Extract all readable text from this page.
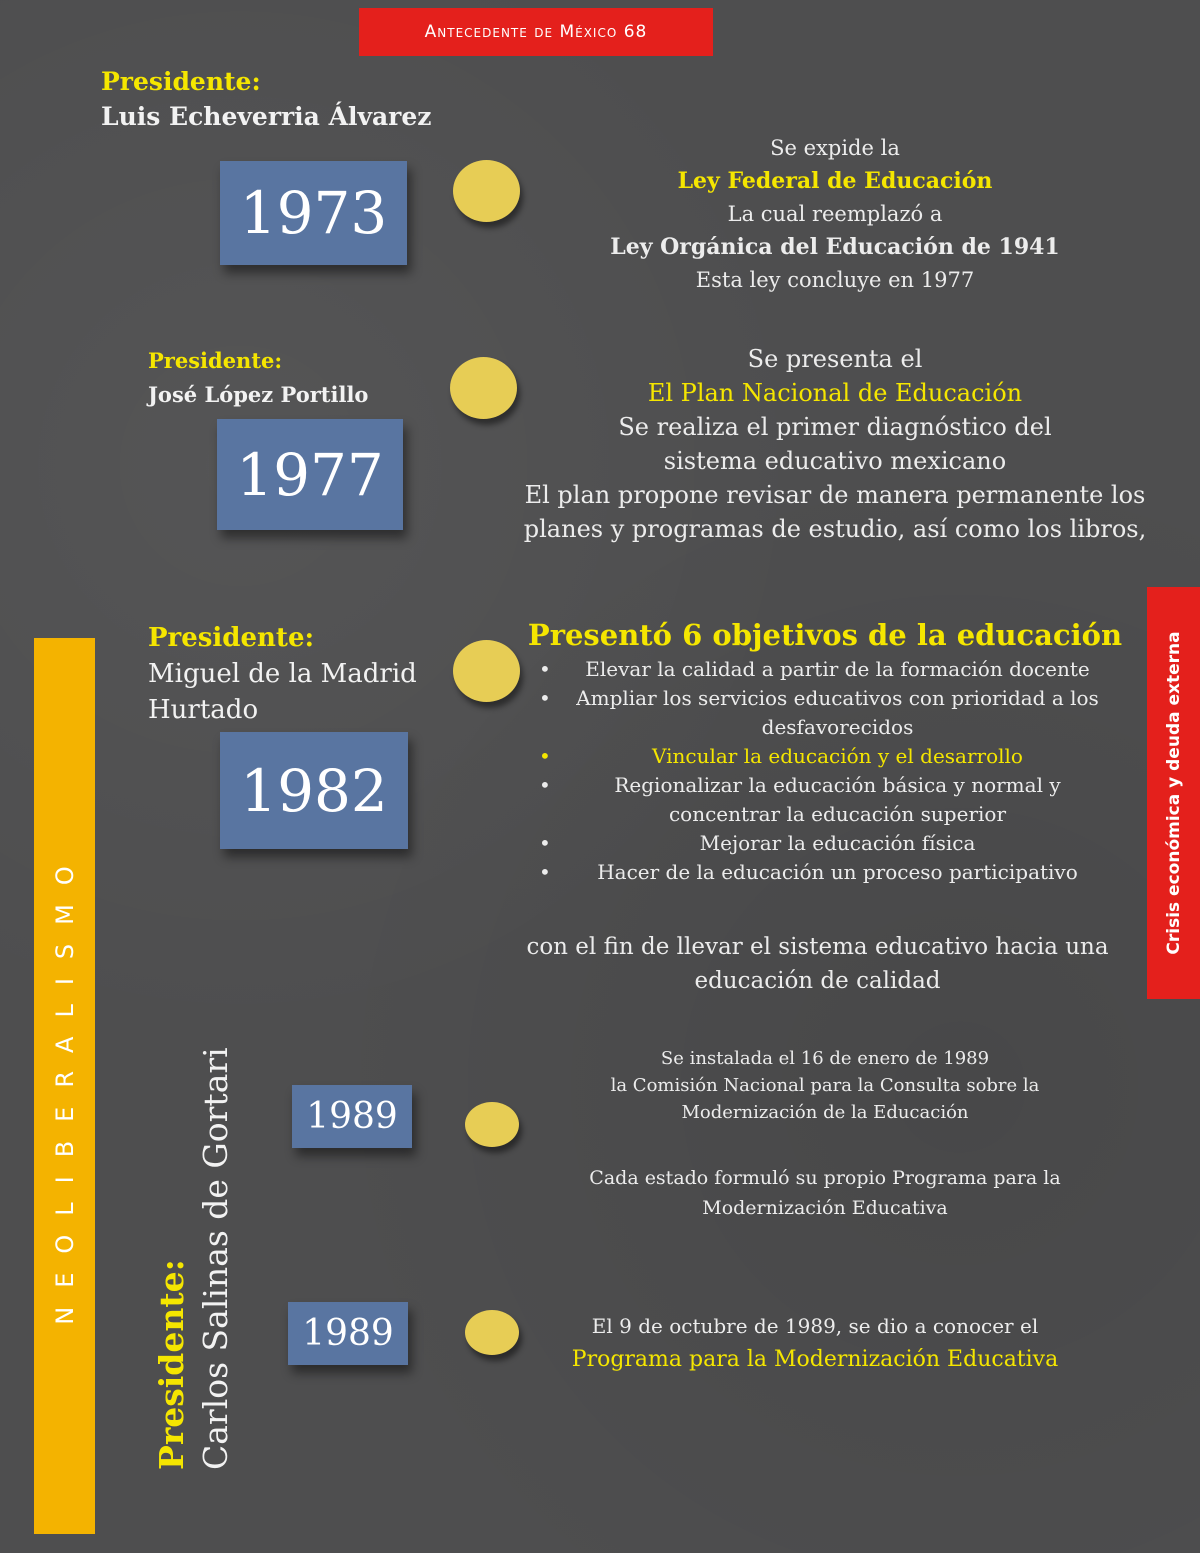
Antecedente de México 68
Presidente:
Luis Echeverria Álvarez
1973
Se expide la
Ley Federal de Educación
La cual reemplazó a
Ley Orgánica del Educación de 1941
Esta ley concluye en 1977
Presidente:
José López Portillo
1977
Se presenta el
El Plan Nacional de Educación
Se realiza el primer diagnóstico del sistema educativo mexicano
El plan propone revisar de manera permanente los planes y programas de estudio, así como los libros,
Presidente:
Miguel de la Madrid
Hurtado
1982
Presentó 6 objetivos de la educación
• Elevar la calidad a partir de la formación docente
• Ampliar los servicios educativos con prioridad a los desfavorecidos
•	Vincular la educación y el desarrollo
•	Regionalizar la educación básica y normal y concentrar la educación superior
•	Mejorar la educación física
• Hacer de la educación un proceso participativo
con el fin de llevar el sistema educativo hacia una educación de calidad
NEOLIBERALISMO
Crisis económica y deuda externa
Presidente: Carlos Salinas de Gortari 1989
Se instalada el 16 de enero de 1989
la Comisión Nacional para la Consulta sobre la Modernización de la Educación
Cada estado formuló su propio Programa para la Modernización Educativa
1989	El 9 de octubre de 1989, se dio a conocer el
Programa para la Modernización Educativa
